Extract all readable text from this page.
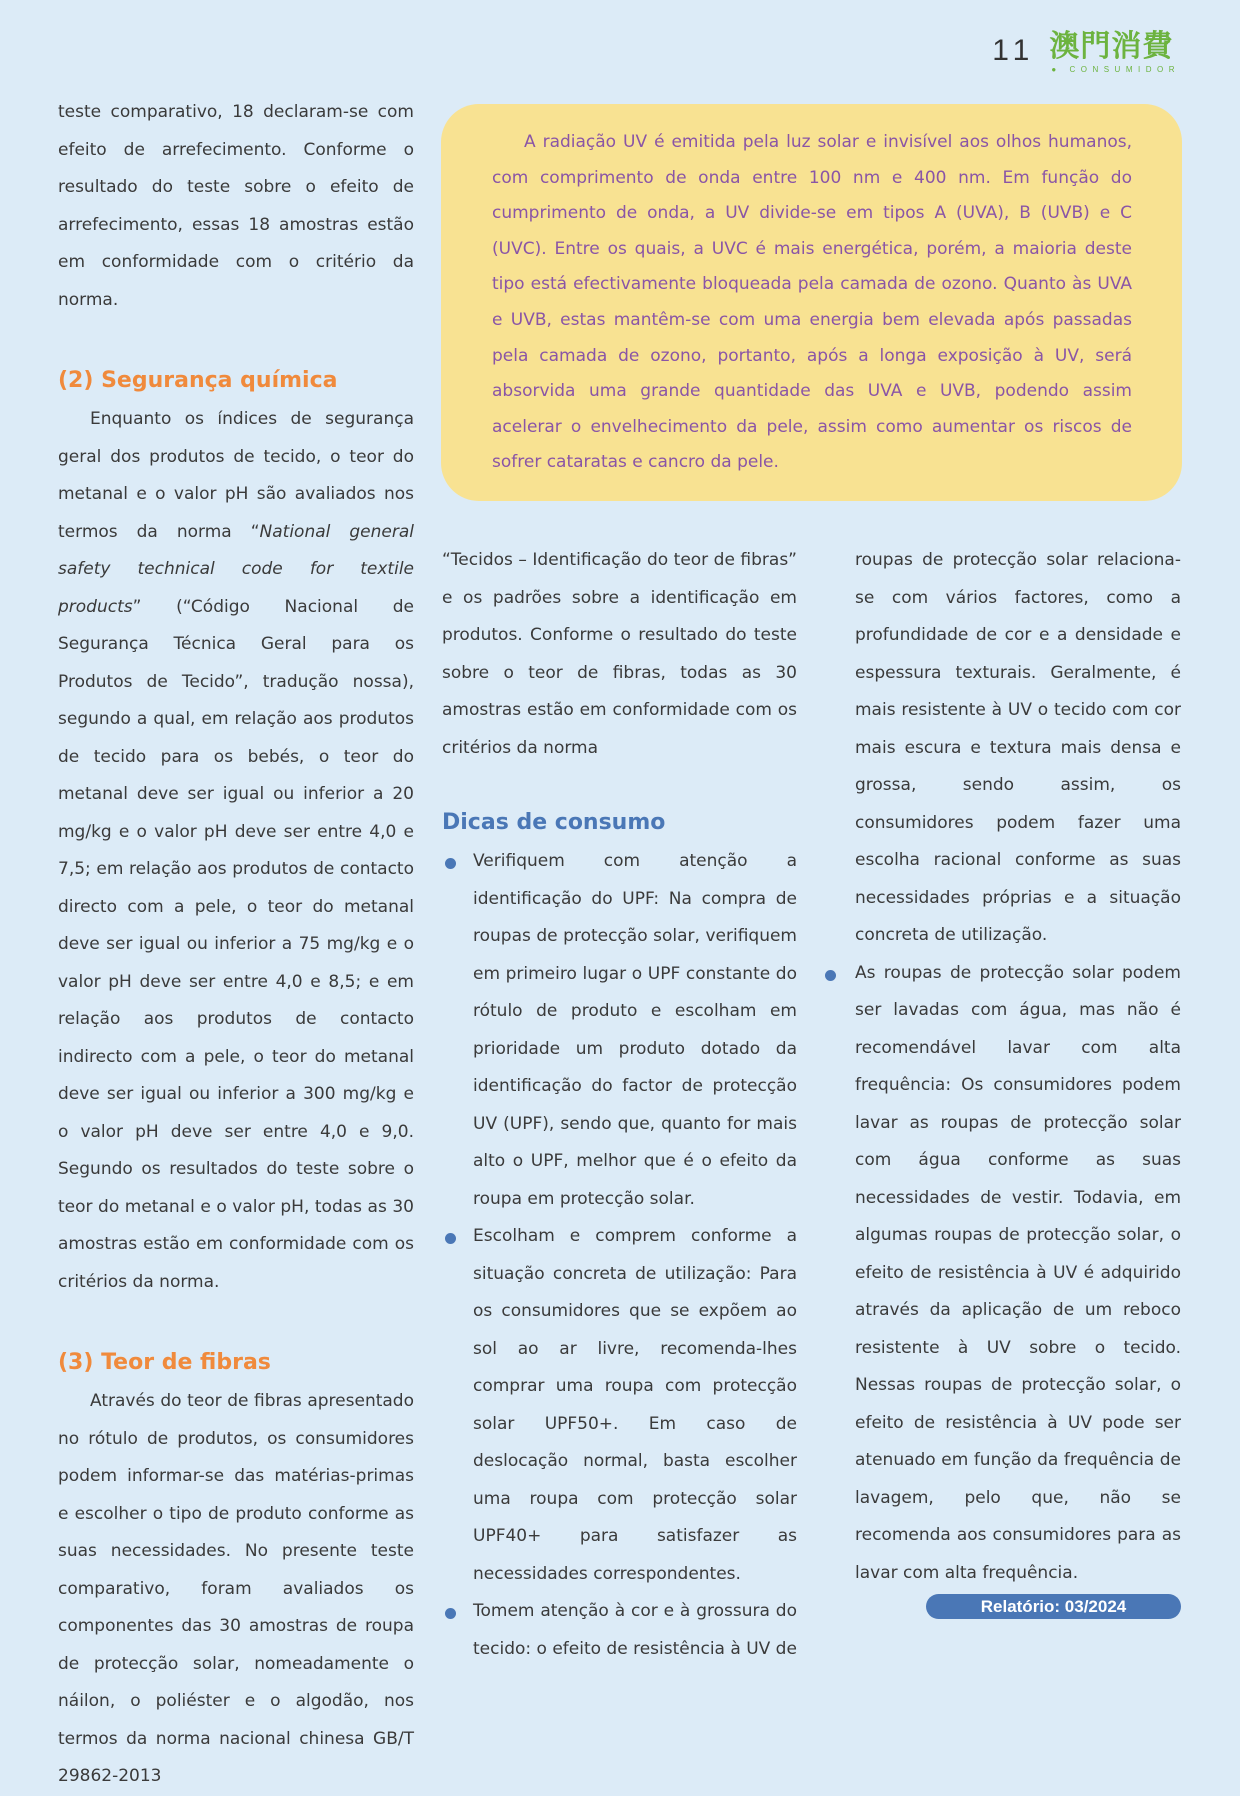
11 澳門消費
● CONSUMIDOR

teste comparativo, 18 declaram-se com efeito de arrefecimento. Conforme o resultado do teste sobre o efeito de arrefecimento, essas 18 amostras estão em conformidade com o critério da norma.

(2) Segurança química

Enquanto os índices de segurança geral dos produtos de tecido, o teor do metanal e o valor pH são avaliados nos termos da norma “National general safety technical code for textile products” (“Código Nacional de Segurança Técnica Geral para os Produtos de Tecido”, tradução nossa), segundo a qual, em relação aos produtos de tecido para os bebés, o teor do metanal deve ser igual ou inferior a 20 mg/kg e o valor pH deve ser entre 4,0 e 7,5; em relação aos produtos de contacto directo com a pele, o teor do metanal deve ser igual ou inferior a 75 mg/kg e o valor pH deve ser entre 4,0 e 8,5; e em relação aos produtos de contacto indirecto com a pele, o teor do metanal deve ser igual ou inferior a 300 mg/kg e o valor pH deve ser entre 4,0 e 9,0. Segundo os resultados do teste sobre o teor do metanal e o valor pH, todas as 30 amostras estão em conformidade com os critérios da norma.

(3) Teor de fibras

Através do teor de fibras apresentado no rótulo de produtos, os consumidores podem informar-se das matérias-primas e escolher o tipo de produto conforme as suas necessidades. No presente teste comparativo, foram avaliados os componentes das 30 amostras de roupa de protecção solar, nomeadamente o náilon, o poliéster e o algodão, nos termos da norma nacional chinesa GB/T 29862-2013

A radiação UV é emitida pela luz solar e invisível aos olhos humanos, com comprimento de onda entre 100 nm e 400 nm. Em função do cumprimento de onda, a UV divide-se em tipos A (UVA), B (UVB) e C (UVC). Entre os quais, a UVC é mais energética, porém, a maioria deste tipo está efectivamente bloqueada pela camada de ozono. Quanto às UVA e UVB, estas mantêm-se com uma energia bem elevada após passadas pela camada de ozono, portanto, após a longa exposição à UV, será absorvida uma grande quantidade das UVA e UVB, podendo assim acelerar o envelhecimento da pele, assim como aumentar os riscos de sofrer cataratas e cancro da pele.

“Tecidos – Identificação do teor de fibras” e os padrões sobre a identificação em produtos. Conforme o resultado do teste sobre o teor de fibras, todas as 30 amostras estão em conformidade com os critérios da norma

Dicas de consumo

Verifiquem com atenção a identificação do UPF: Na compra de roupas de protecção solar, verifiquem em primeiro lugar o UPF constante do rótulo de produto e escolham em prioridade um produto dotado da identificação do factor de protecção UV (UPF), sendo que, quanto for mais alto o UPF, melhor que é o efeito da roupa em protecção solar.

Escolham e comprem conforme a situação concreta de utilização: Para os consumidores que se expõem ao sol ao ar livre, recomenda-lhes comprar uma roupa com protecção solar UPF50+. Em caso de deslocação normal, basta escolher uma roupa com protecção solar UPF40+ para satisfazer as necessidades correspondentes.

Tomem atenção à cor e à grossura do tecido: o efeito de resistência à UV de

roupas de protecção solar relaciona-se com vários factores, como a profundidade de cor e a densidade e espessura texturais. Geralmente, é mais resistente à UV o tecido com cor mais escura e textura mais densa e grossa, sendo assim, os consumidores podem fazer uma escolha racional conforme as suas necessidades próprias e a situação concreta de utilização.

As roupas de protecção solar podem ser lavadas com água, mas não é recomendável lavar com alta frequência: Os consumidores podem lavar as roupas de protecção solar com água conforme as suas necessidades de vestir. Todavia, em algumas roupas de protecção solar, o efeito de resistência à UV é adquirido através da aplicação de um reboco resistente à UV sobre o tecido. Nessas roupas de protecção solar, o efeito de resistência à UV pode ser atenuado em função da frequência de lavagem, pelo que, não se recomenda aos consumidores para as lavar com alta frequência.

Relatório: 03/2024
